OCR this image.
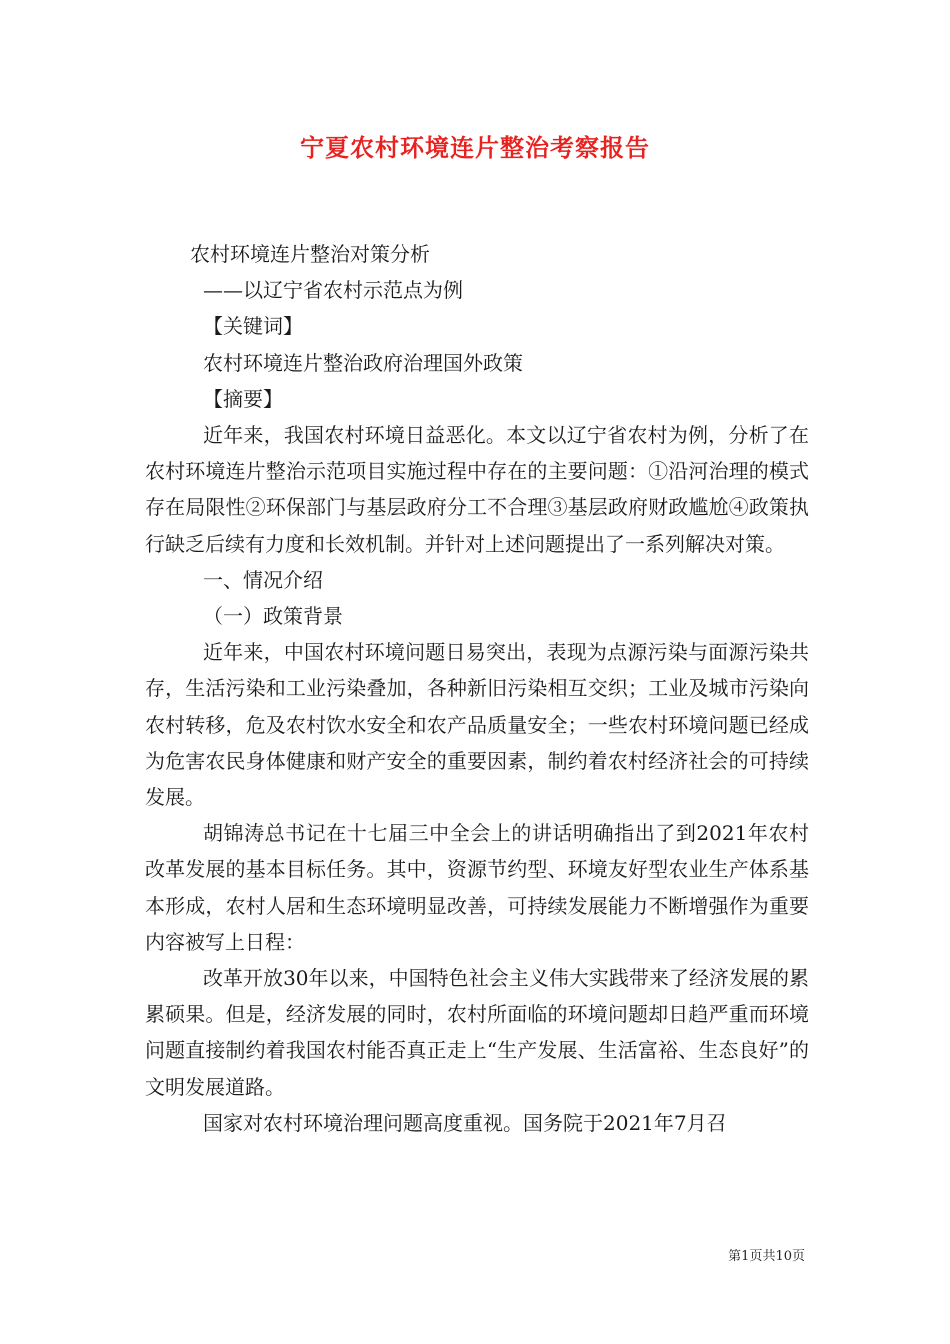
宁夏农村环境连片整治考察报告

农村环境连片整治对策分析

——以辽宁省农村示范点为例

【关键词】

农村环境连片整治政府治理国外政策

【摘要】

近年来，我国农村环境日益恶化。本文以辽宁省农村为例，分析了在农村环境连片整治示范项目实施过程中存在的主要问题：①沿河治理的模式存在局限性②环保部门与基层政府分工不合理③基层政府财政尴尬④政策执行缺乏后续有力度和长效机制。并针对上述问题提出了一系列解决对策。

一、情况介绍

（一）政策背景

近年来，中国农村环境问题日易突出，表现为点源污染与面源污染共存，生活污染和工业污染叠加，各种新旧污染相互交织；工业及城市污染向农村转移，危及农村饮水安全和农产品质量安全；一些农村环境问题已经成为危害农民身体健康和财产安全的重要因素，制约着农村经济社会的可持续发展。

胡锦涛总书记在十七届三中全会上的讲话明确指出了到2021年农村改革发展的基本目标任务。其中，资源节约型、环境友好型农业生产体系基本形成，农村人居和生态环境明显改善，可持续发展能力不断增强作为重要内容被写上日程：

改革开放30年以来，中国特色社会主义伟大实践带来了经济发展的累累硕果。但是，经济发展的同时，农村所面临的环境问题却日趋严重而环境问题直接制约着我国农村能否真正走上“生产发展、生活富裕、生态良好”的文明发展道路。

国家对农村环境治理问题高度重视。国务院于2021年7月召

第1页共10页
